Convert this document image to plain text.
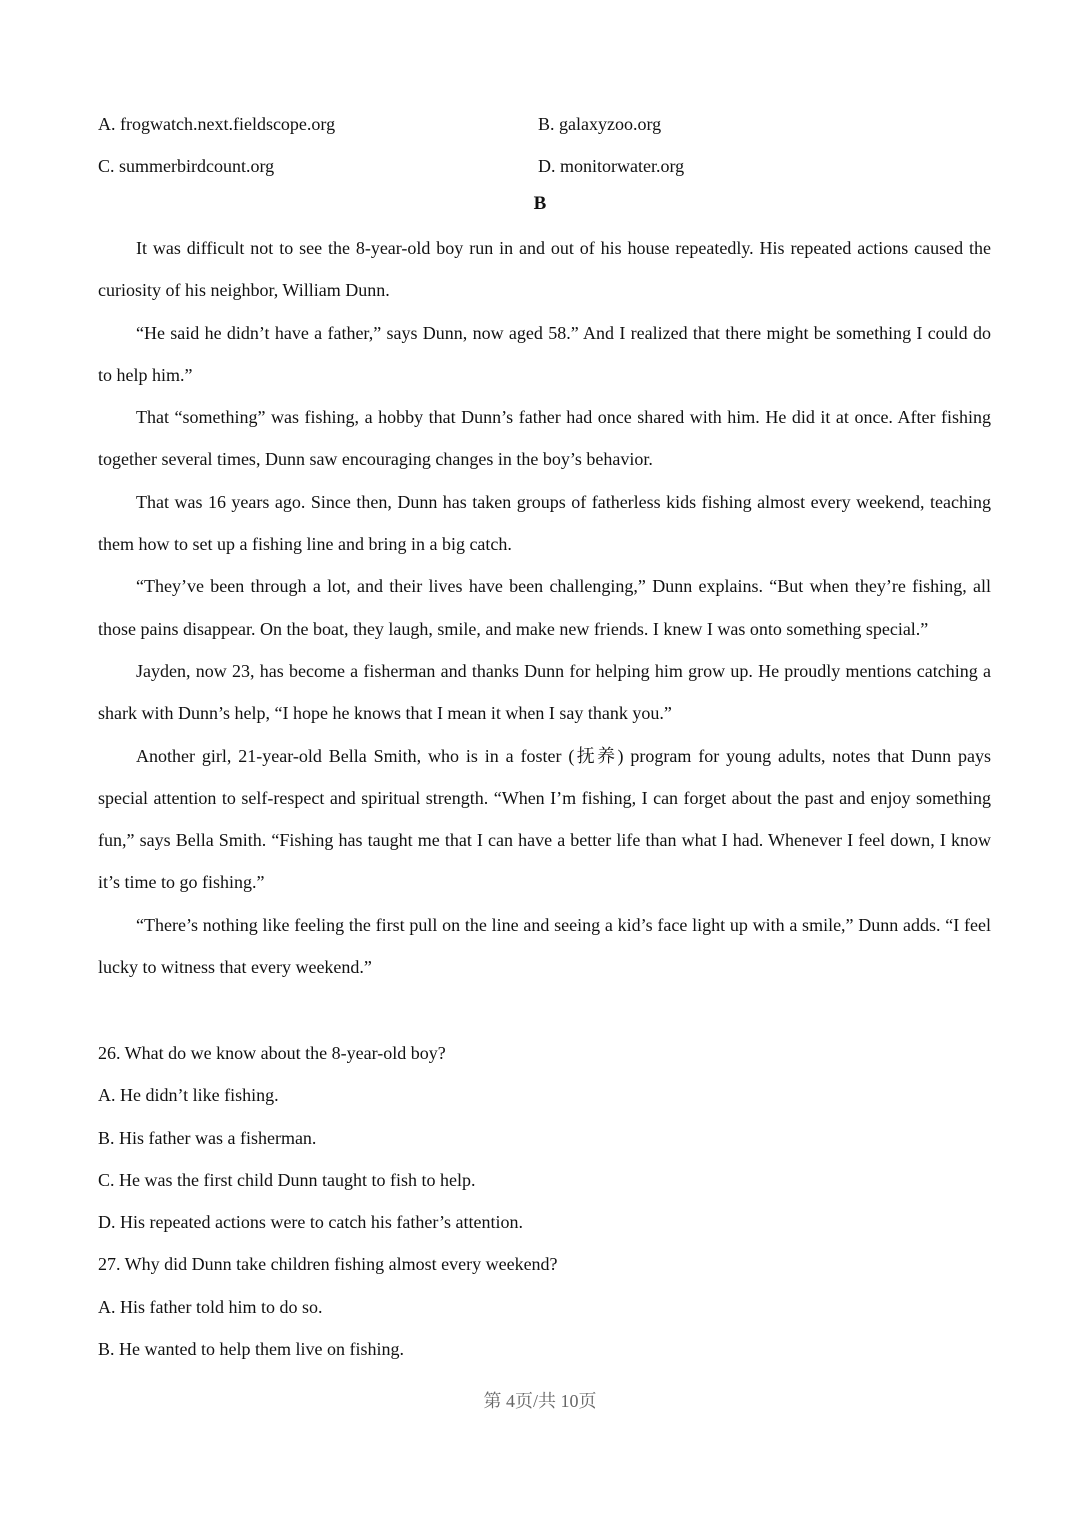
A. frogwatch.next.fieldscope.org	B. galaxyzoo.org
C. summerbirdcount.org	D. monitorwater.org
B

It was difficult not to see the 8-year-old boy run in and out of his house repeatedly. His repeated actions caused the curiosity of his neighbor, William Dunn.

“He said he didn’t have a father,” says Dunn, now aged 58.” And I realized that there might be something I could do to help him.”

That “something” was fishing, a hobby that Dunn’s father had once shared with him. He did it at once. After fishing together several times, Dunn saw encouraging changes in the boy’s behavior.

That was 16 years ago. Since then, Dunn has taken groups of fatherless kids fishing almost every weekend, teaching them how to set up a fishing line and bring in a big catch.

“They’ve been through a lot, and their lives have been challenging,” Dunn explains. “But when they’re fishing, all those pains disappear. On the boat, they laugh, smile, and make new friends. I knew I was onto something special.”

Jayden, now 23, has become a fisherman and thanks Dunn for helping him grow up. He proudly mentions catching a shark with Dunn’s help, “I hope he knows that I mean it when I say thank you.”

Another girl, 21-year-old Bella Smith, who is in a foster (抚养) program for young adults, notes that Dunn pays special attention to self-respect and spiritual strength. “When I’m fishing, I can forget about the past and enjoy something fun,” says Bella Smith. “Fishing has taught me that I can have a better life than what I had. Whenever I feel down, I know it’s time to go fishing.”

“There’s nothing like feeling the first pull on the line and seeing a kid’s face light up with a smile,” Dunn adds. “I feel lucky to witness that every weekend.”

26. What do we know about the 8-year-old boy?
A. He didn’t like fishing.
B. His father was a fisherman.
C. He was the first child Dunn taught to fish to help.
D. His repeated actions were to catch his father’s attention.
27. Why did Dunn take children fishing almost every weekend?
A. His father told him to do so.
B. He wanted to help them live on fishing.
第 4页/共 10页
